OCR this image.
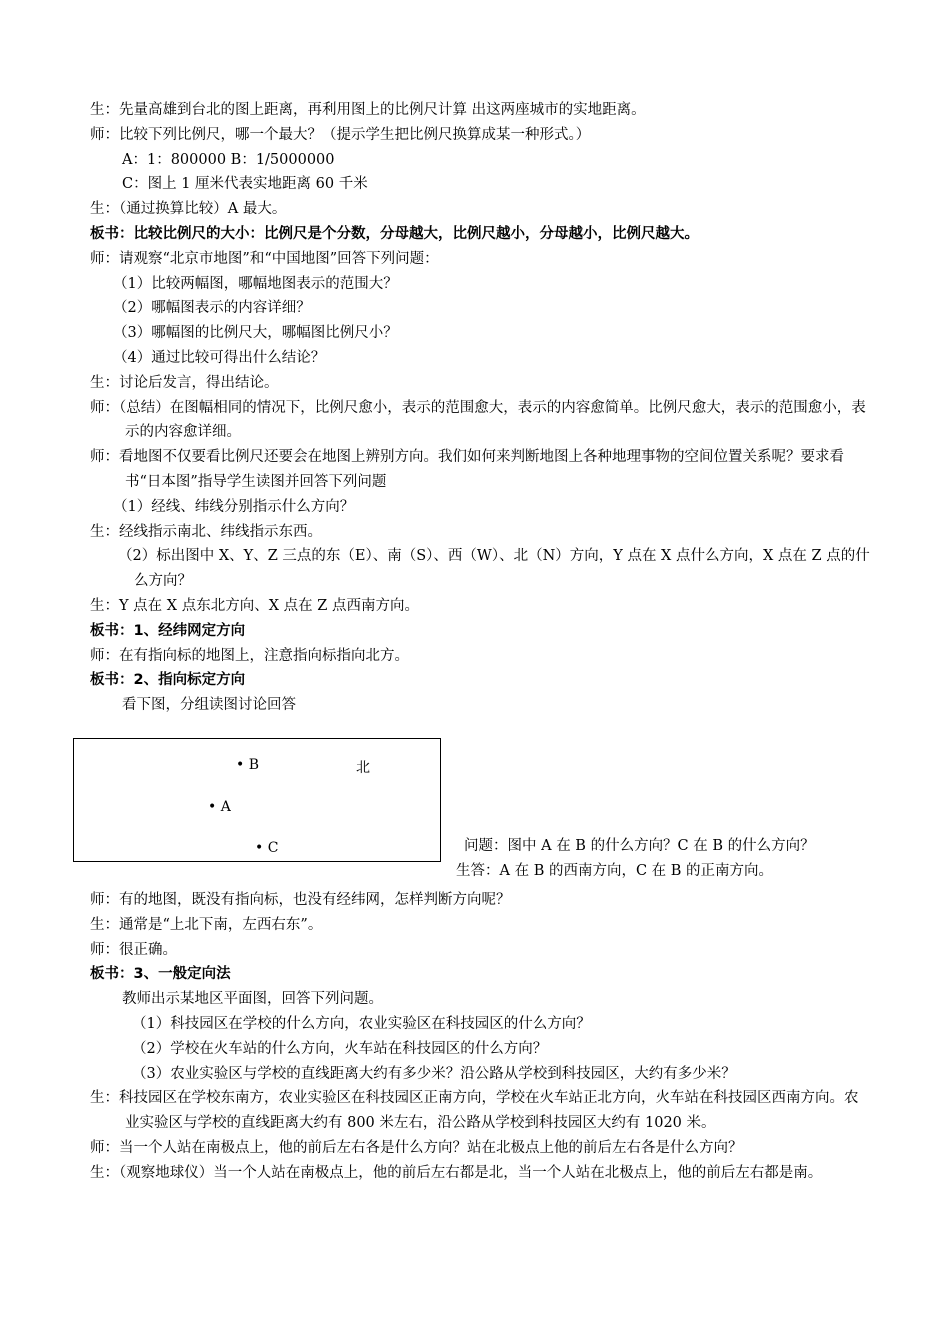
生：先量高雄到台北的图上距离，再利用图上的比例尺计算 出这两座城市的实地距离。
师：比较下列比例尺，哪一个最大？（提示学生把比例尺换算成某一种形式。）
A：1：800000 B：1/5000000
C：图上 1 厘米代表实地距离 60 千米
生：（通过换算比较）A 最大。
板书：比较比例尺的大小：比例尺是个分数，分母越大，比例尺越小，分母越小，比例尺越大。
师：请观察“北京市地图”和“中国地图”回答下列问题：
（1）比较两幅图，哪幅地图表示的范围大？
（2）哪幅图表示的内容详细？
（3）哪幅图的比例尺大，哪幅图比例尺小？
（4）通过比较可得出什么结论？
生：讨论后发言，得出结论。
师：（总结）在图幅相同的情况下，比例尺愈小，表示的范围愈大，表示的内容愈简单。比例尺愈大，表示的范围愈小，表示的内容愈详细。
师：看地图不仅要看比例尺还要会在地图上辨别方向。我们如何来判断地图上各种地理事物的空间位置关系呢？要求看书“日本图”指导学生读图并回答下列问题
（1）经线、纬线分别指示什么方向？
生：经线指示南北、纬线指示东西。
（2）标出图中 X、Y、Z 三点的东（E）、南（S）、西（W）、北（N）方向，Y 点在 X 点什么方向，X 点在 Z 点的什么方向？
生：Y 点在 X 点东北方向、X 点在 Z 点西南方向。
板书：1、经纬网定方向
师：在有指向标的地图上，注意指向标指向北方。
板书：2、指向标定方向
看下图，分组读图讨论回答
• B	北
• A
• C	问题：图中 A 在 B 的什么方向？C 在 B 的什么方向？
生答：A 在 B 的西南方向，C 在 B 的正南方向。
师：有的地图，既没有指向标，也没有经纬网，怎样判断方向呢？
生：通常是“上北下南，左西右东”。
师：很正确。
板书：3、一般定向法
教师出示某地区平面图，回答下列问题。
（1）科技园区在学校的什么方向，农业实验区在科技园区的什么方向？
（2）学校在火车站的什么方向，火车站在科技园区的什么方向？
（3）农业实验区与学校的直线距离大约有多少米？沿公路从学校到科技园区，大约有多少米？
生：科技园区在学校东南方，农业实验区在科技园区正南方向，学校在火车站正北方向，火车站在科技园区西南方向。农业实验区与学校的直线距离大约有 800 米左右，沿公路从学校到科技园区大约有 1020 米。
师：当一个人站在南极点上，他的前后左右各是什么方向？站在北极点上他的前后左右各是什么方向？
生：（观察地球仪）当一个人站在南极点上，他的前后左右都是北，当一个人站在北极点上，他的前后左右都是南。
